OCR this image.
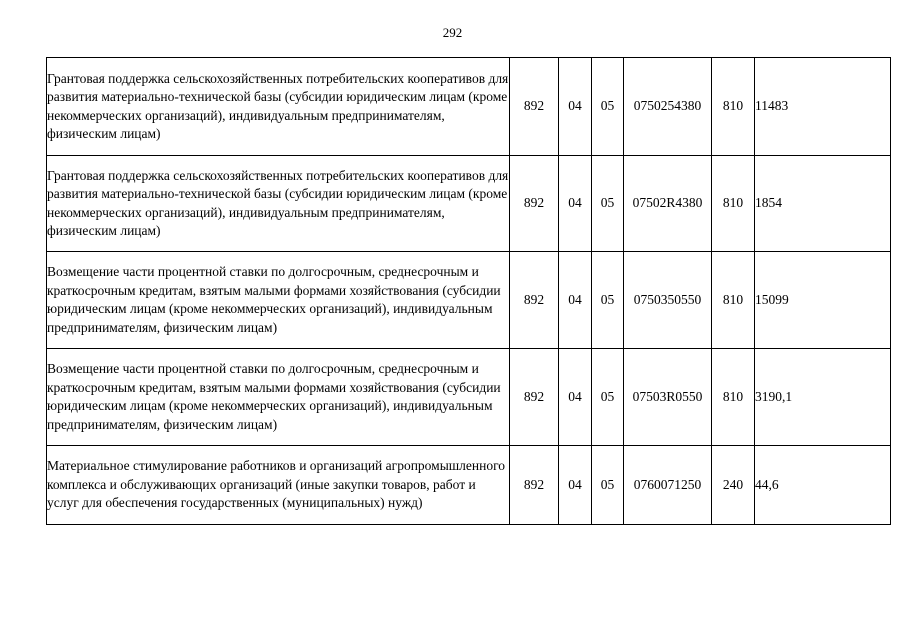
292
Грантовая поддержка сельскохозяйственных потребительских кооперативов для развития материально-технической базы (субсидии юридическим лицам (кроме некоммерческих организаций), индивидуальным предпринимателям, физическим лицам)	892	04	05	0750254380	810	11483
Грантовая поддержка сельскохозяйственных потребительских кооперативов для развития материально-технической базы (субсидии юридическим лицам (кроме некоммерческих организаций), индивидуальным предпринимателям, физическим лицам)	892	04	05	07502R4380	810	1854
Возмещение части процентной ставки по долгосрочным, среднесрочным и краткосрочным кредитам, взятым малыми формами хозяйствования (субсидии юридическим лицам (кроме некоммерческих организаций), индивидуальным предпринимателям, физическим лицам)	892	04	05	0750350550	810	15099
Возмещение части процентной ставки по долгосрочным, среднесрочным и краткосрочным кредитам, взятым малыми формами хозяйствования (субсидии юридическим лицам (кроме некоммерческих организаций), индивидуальным предпринимателям, физическим лицам)	892	04	05	07503R0550	810	3190,1
Материальное стимулирование работников и организаций агропромышленного комплекса и обслуживающих организаций (иные закупки товаров, работ и услуг для обеспечения государственных (муниципальных) нужд)	892	04	05	0760071250	240	44,6
